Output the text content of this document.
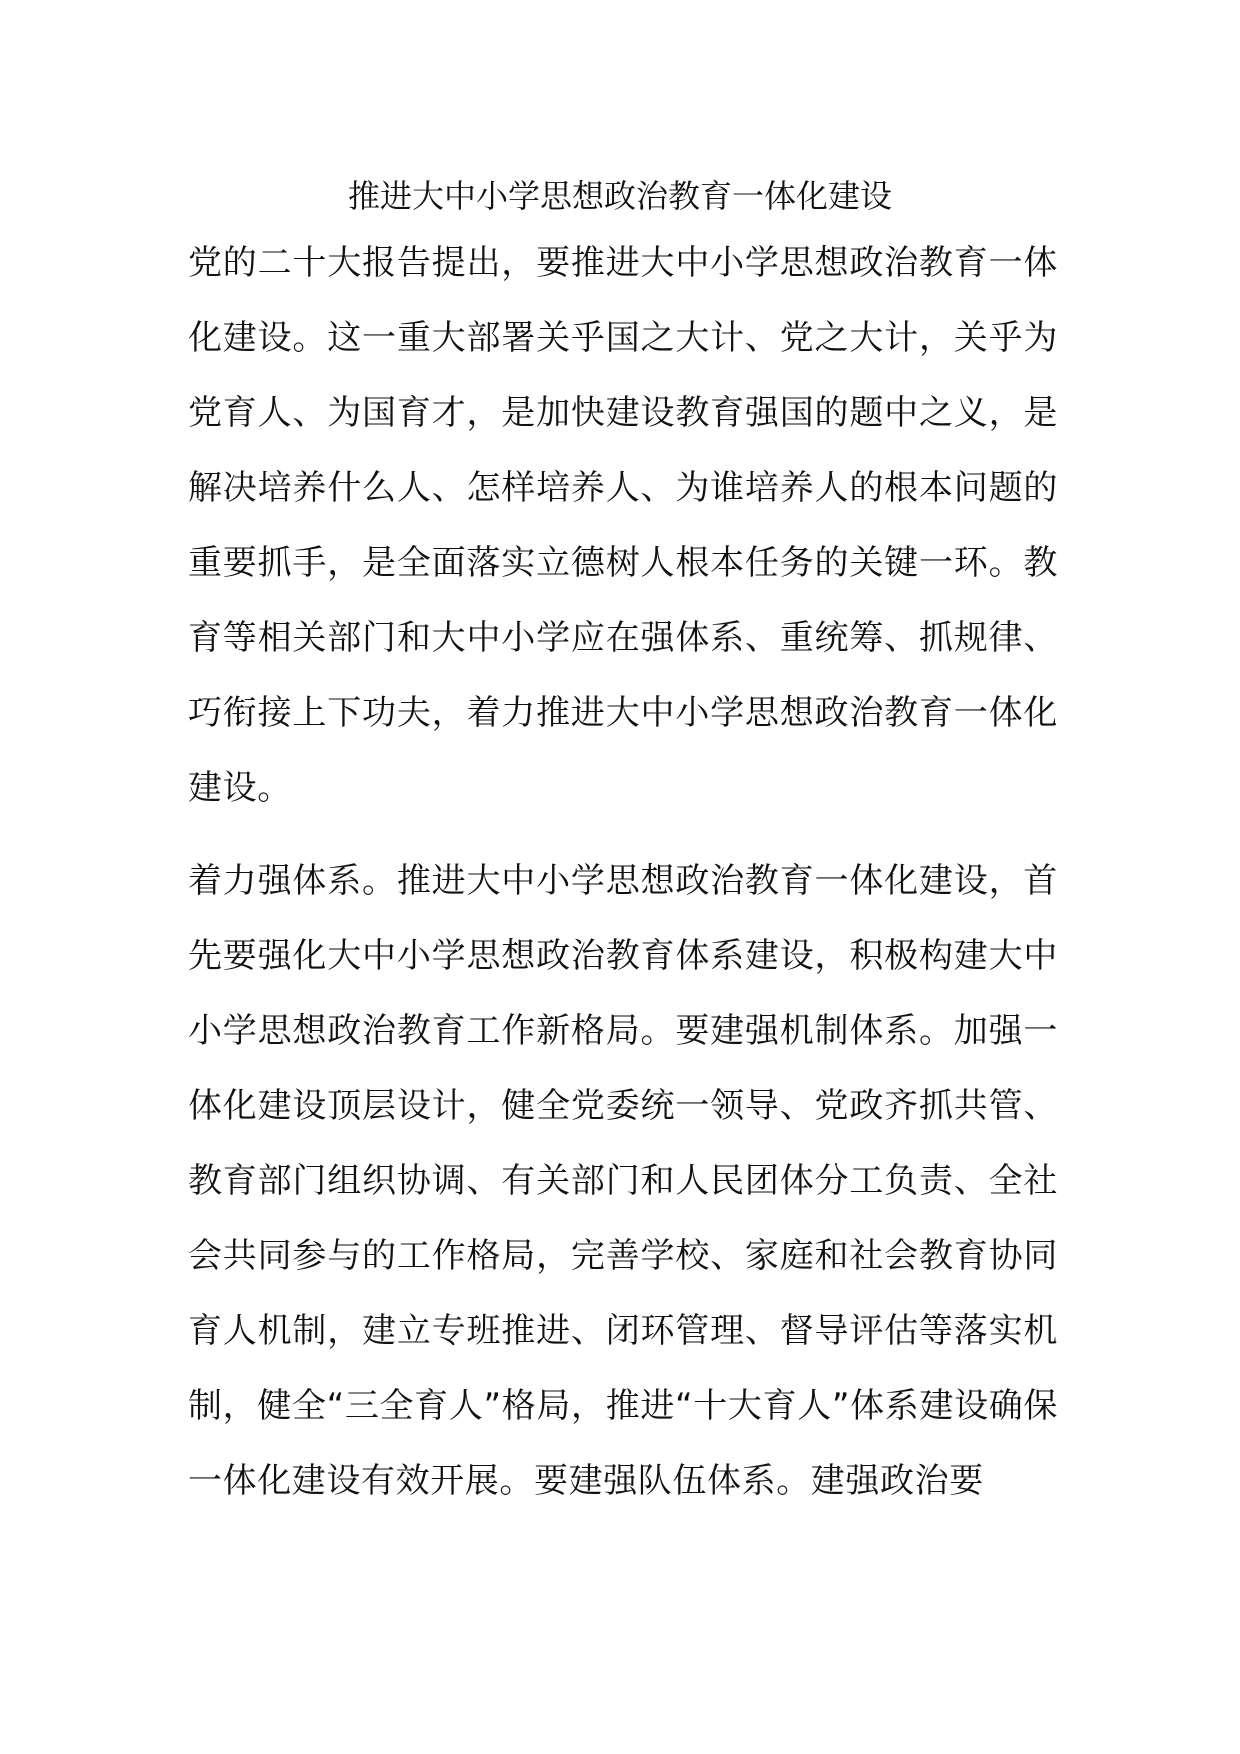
推进大中小学思想政治教育一体化建设

党的二十大报告提出，要推进大中小学思想政治教育一体化建设。这一重大部署关乎国之大计、党之大计，关乎为党育人、为国育才，是加快建设教育强国的题中之义，是解决培养什么人、怎样培养人、为谁培养人的根本问题的重要抓手，是全面落实立德树人根本任务的关键一环。教育等相关部门和大中小学应在强体系、重统筹、抓规律、巧衔接上下功夫，着力推进大中小学思想政治教育一体化建设。

着力强体系。推进大中小学思想政治教育一体化建设，首先要强化大中小学思想政治教育体系建设，积极构建大中小学思想政治教育工作新格局。要建强机制体系。加强一体化建设顶层设计，健全党委统一领导、党政齐抓共管、教育部门组织协调、有关部门和人民团体分工负责、全社会共同参与的工作格局，完善学校、家庭和社会教育协同育人机制，建立专班推进、闭环管理、督导评估等落实机制，健全“三全育人”格局，推进“十大育人”体系建设确保一体化建设有效开展。要建强队伍体系。建强政治要
